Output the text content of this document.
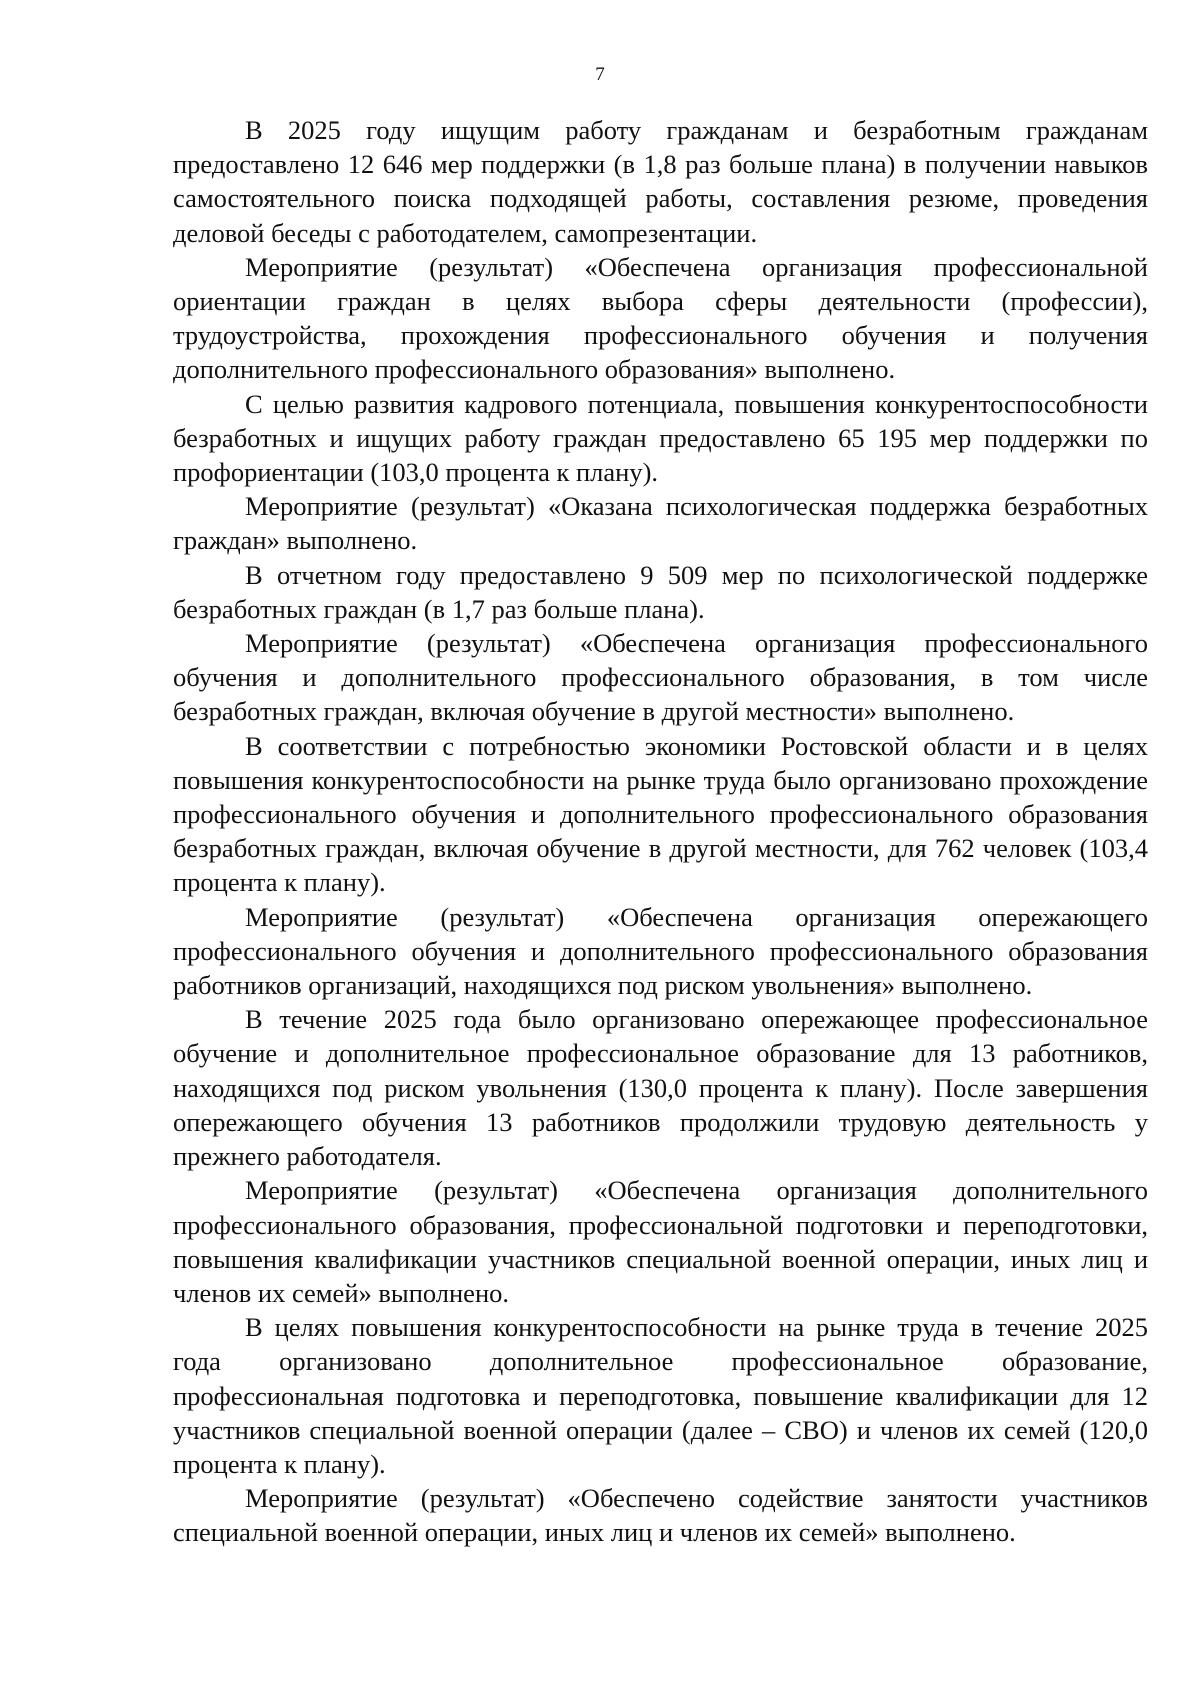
7

В 2025 году ищущим работу гражданам и безработным гражданам предоставлено 12 646 мер поддержки (в 1,8 раз больше плана) в получении навыков самостоятельного поиска подходящей работы, составления резюме, проведения деловой беседы с работодателем, самопрезентации.

Мероприятие (результат) «Обеспечена организация профессиональной ориентации граждан в целях выбора сферы деятельности (профессии), трудоустройства, прохождения профессионального обучения и получения дополнительного профессионального образования» выполнено.

С целью развития кадрового потенциала, повышения конкурентоспособности безработных и ищущих работу граждан предоставлено 65 195 мер поддержки по профориентации (103,0 процента к плану).

Мероприятие (результат) «Оказана психологическая поддержка безработных граждан» выполнено.

В отчетном году предоставлено 9 509 мер по психологической поддержке безработных граждан (в 1,7 раз больше плана).

Мероприятие (результат) «Обеспечена организация профессионального обучения и дополнительного профессионального образования, в том числе безработных граждан, включая обучение в другой местности» выполнено.

В соответствии с потребностью экономики Ростовской области и в целях повышения конкурентоспособности на рынке труда было организовано прохождение профессионального обучения и дополнительного профессионального образования безработных граждан, включая обучение в другой местности, для 762 человек (103,4 процента к плану).

Мероприятие (результат) «Обеспечена организация опережающего профессионального обучения и дополнительного профессионального образования работников организаций, находящихся под риском увольнения» выполнено.

В течение 2025 года было организовано опережающее профессиональное обучение и дополнительное профессиональное образование для 13 работников, находящихся под риском увольнения (130,0 процента к плану). После завершения опережающего обучения 13 работников продолжили трудовую деятельность у прежнего работодателя.

Мероприятие (результат) «Обеспечена организация дополнительного профессионального образования, профессиональной подготовки и переподготовки, повышения квалификации участников специальной военной операции, иных лиц и членов их семей» выполнено.

В целях повышения конкурентоспособности на рынке труда в течение 2025 года организовано дополнительное профессиональное образование, профессиональная подготовка и переподготовка, повышение квалификации для 12 участников специальной военной операции (далее – СВО) и членов их семей (120,0 процента к плану).

Мероприятие (результат) «Обеспечено содействие занятости участников специальной военной операции, иных лиц и членов их семей» выполнено.
